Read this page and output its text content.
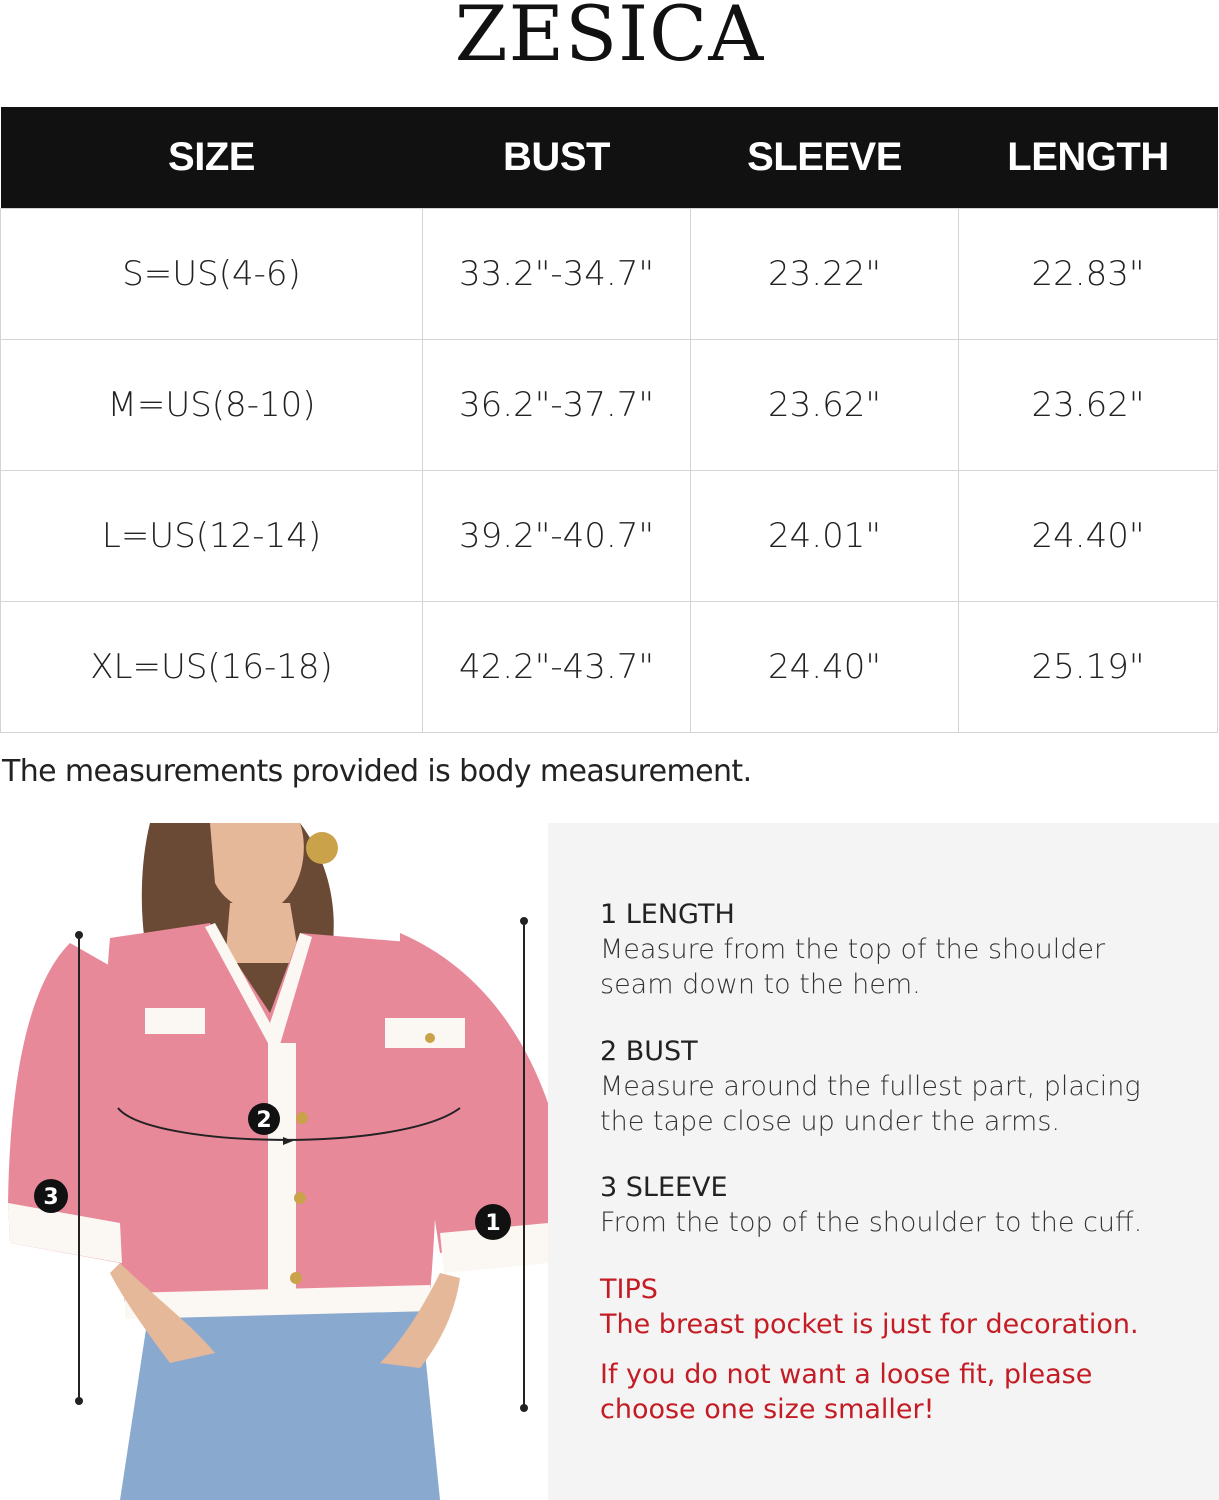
ZESICA
SIZE	BUST	SLEEVE	LENGTH
S=US(4-6)	33.2"-34.7"	23.22"	22.83"
M=US(8-10)	36.2"-37.7"	23.62"	23.62"
L=US(12-14)	39.2"-40.7"	24.01"	24.40"
XL=US(16-18)	42.2"-43.7"	24.40"	25.19"
The measurements provided is body measurement.
2
3
1
1 LENGTH
Measure from the top of the shoulder
seam down to the hem.
2 BUST
Measure around the fullest part, placing
the tape close up under the arms.
3 SLEEVE
From the top of the shoulder to the cuff.
TIPS
The breast pocket is just for decoration.
If you do not want a loose fit, please
choose one size smaller!
